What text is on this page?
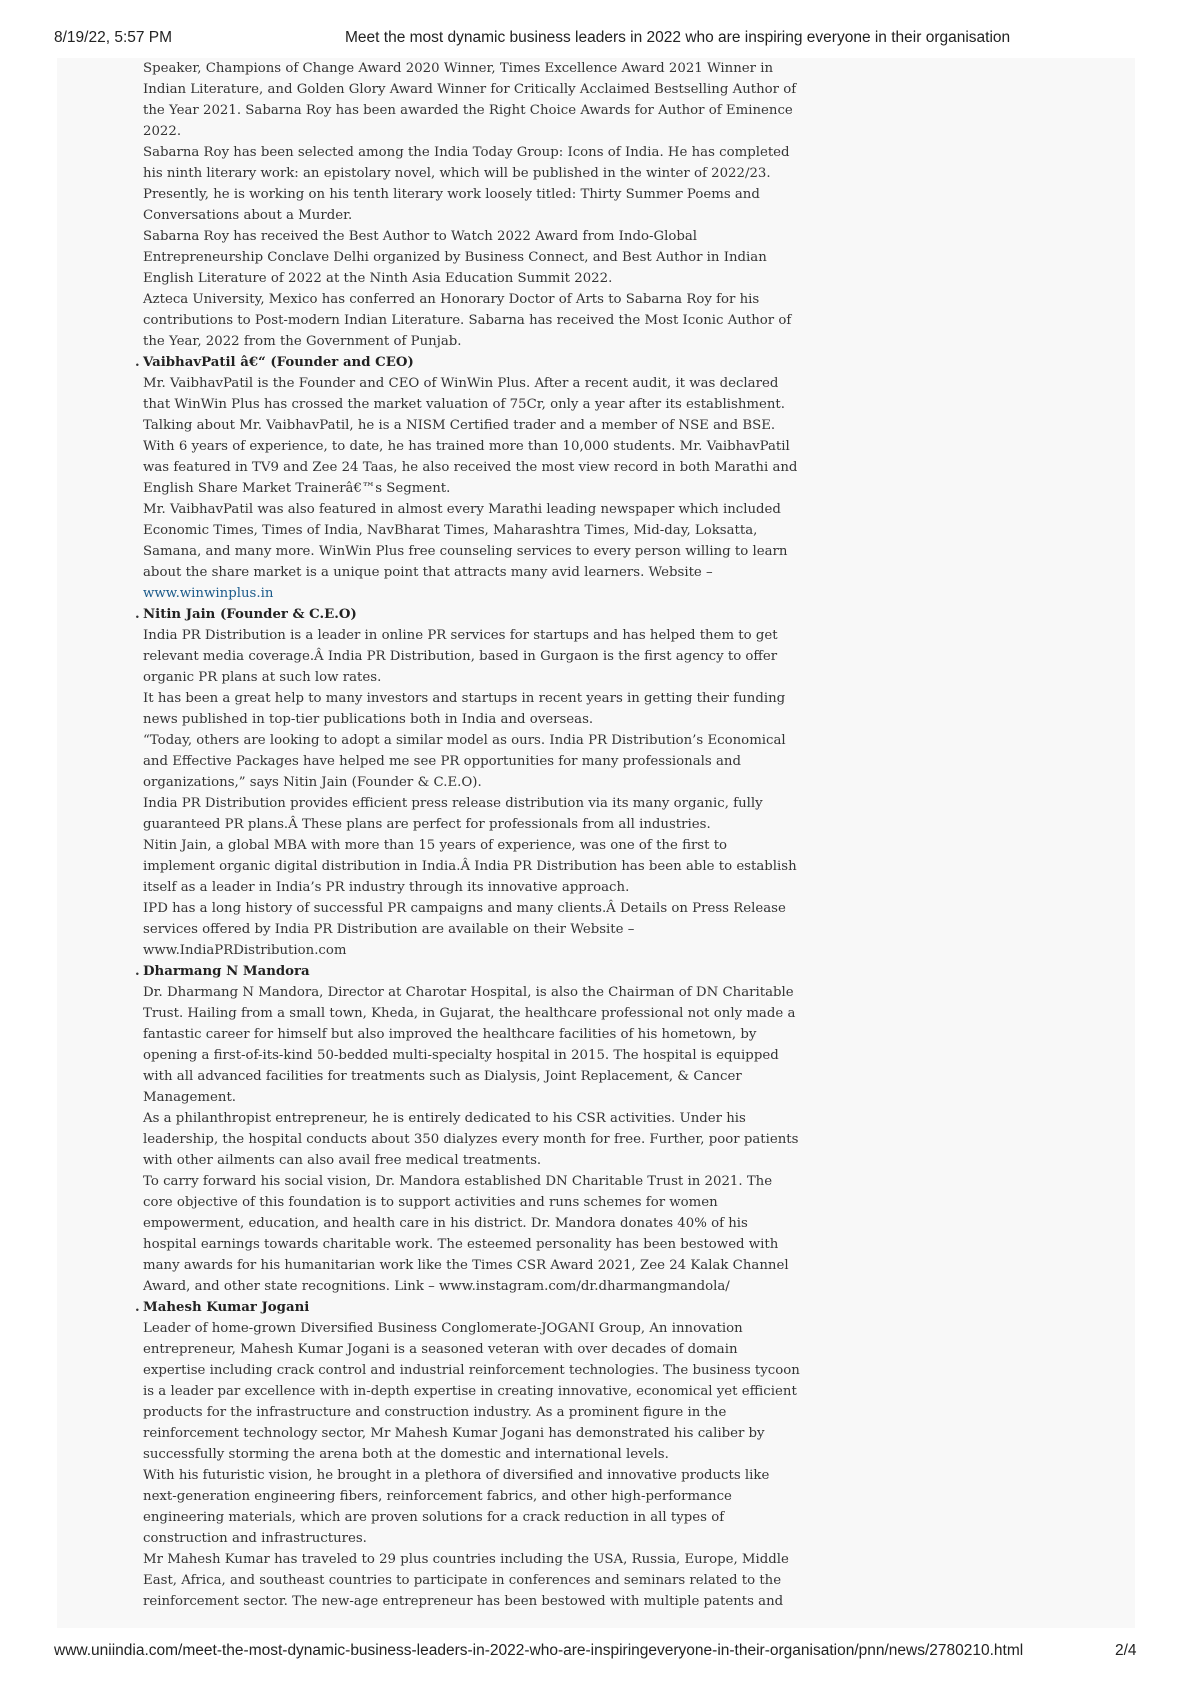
8/19/22, 5:57 PM	Meet the most dynamic business leaders in 2022 who are inspiring everyone in their organisation

Speaker, Champions of Change Award 2020 Winner, Times Excellence Award 2021 Winner in Indian Literature, and Golden Glory Award Winner for Critically Acclaimed Bestselling Author of the Year 2021. Sabarna Roy has been awarded the Right Choice Awards for Author of Eminence 2022.

Sabarna Roy has been selected among the India Today Group: Icons of India. He has completed his ninth literary work: an epistolary novel, which will be published in the winter of 2022/23. Presently, he is working on his tenth literary work loosely titled: Thirty Summer Poems and Conversations about a Murder.

Sabarna Roy has received the Best Author to Watch 2022 Award from Indo-Global Entrepreneurship Conclave Delhi organized by Business Connect, and Best Author in Indian English Literature of 2022 at the Ninth Asia Education Summit 2022.

Azteca University, Mexico has conferred an Honorary Doctor of Arts to Sabarna Roy for his contributions to Post-modern Indian Literature. Sabarna has received the Most Iconic Author of the Year, 2022 from the Government of Punjab.

. VaibhavPatil â€“ (Founder and CEO)

Mr. VaibhavPatil is the Founder and CEO of WinWin Plus. After a recent audit, it was declared that WinWin Plus has crossed the market valuation of 75Cr, only a year after its establishment. Talking about Mr. VaibhavPatil, he is a NISM Certified trader and a member of NSE and BSE. With 6 years of experience, to date, he has trained more than 10,000 students. Mr. VaibhavPatil was featured in TV9 and Zee 24 Taas, he also received the most view record in both Marathi and English Share Market Trainerâ€™s Segment.

Mr. VaibhavPatil was also featured in almost every Marathi leading newspaper which included Economic Times, Times of India, NavBharat Times, Maharashtra Times, Mid-day, Loksatta, Samana, and many more. WinWin Plus free counseling services to every person willing to learn about the share market is a unique point that attracts many avid learners. Website –

www.winwinplus.in

. Nitin Jain (Founder & C.E.O)

India PR Distribution is a leader in online PR services for startups and has helped them to get relevant media coverage.Â India PR Distribution, based in Gurgaon is the first agency to offer organic PR plans at such low rates.

It has been a great help to many investors and startups in recent years in getting their funding news published in top-tier publications both in India and overseas.

“Today, others are looking to adopt a similar model as ours. India PR Distribution’s Economical and Effective Packages have helped me see PR opportunities for many professionals and organizations,” says Nitin Jain (Founder & C.E.O).

India PR Distribution provides efficient press release distribution via its many organic, fully guaranteed PR plans.Â These plans are perfect for professionals from all industries.

Nitin Jain, a global MBA with more than 15 years of experience, was one of the first to implement organic digital distribution in India.Â India PR Distribution has been able to establish itself as a leader in India’s PR industry through its innovative approach.

IPD has a long history of successful PR campaigns and many clients.Â Details on Press Release services offered by India PR Distribution are available on their Website – www.IndiaPRDistribution.com

. Dharmang N Mandora

Dr. Dharmang N Mandora, Director at Charotar Hospital, is also the Chairman of DN Charitable Trust. Hailing from a small town, Kheda, in Gujarat, the healthcare professional not only made a fantastic career for himself but also improved the healthcare facilities of his hometown, by opening a first-of-its-kind 50-bedded multi-specialty hospital in 2015. The hospital is equipped with all advanced facilities for treatments such as Dialysis, Joint Replacement, & Cancer Management.

As a philanthropist entrepreneur, he is entirely dedicated to his CSR activities. Under his leadership, the hospital conducts about 350 dialyzes every month for free. Further, poor patients with other ailments can also avail free medical treatments.

To carry forward his social vision, Dr. Mandora established DN Charitable Trust in 2021. The core objective of this foundation is to support activities and runs schemes for women empowerment, education, and health care in his district. Dr. Mandora donates 40% of his hospital earnings towards charitable work. The esteemed personality has been bestowed with many awards for his humanitarian work like the Times CSR Award 2021, Zee 24 Kalak Channel Award, and other state recognitions. Link – www.instagram.com/dr.dharmangmandola/

. Mahesh Kumar Jogani

Leader of home-grown Diversified Business Conglomerate-JOGANI Group, An innovation entrepreneur, Mahesh Kumar Jogani is a seasoned veteran with over decades of domain expertise including crack control and industrial reinforcement technologies. The business tycoon is a leader par excellence with in-depth expertise in creating innovative, economical yet efficient products for the infrastructure and construction industry. As a prominent figure in the reinforcement technology sector, Mr Mahesh Kumar Jogani has demonstrated his caliber by successfully storming the arena both at the domestic and international levels.

With his futuristic vision, he brought in a plethora of diversified and innovative products like next-generation engineering fibers, reinforcement fabrics, and other high-performance engineering materials, which are proven solutions for a crack reduction in all types of construction and infrastructures.

Mr Mahesh Kumar has traveled to 29 plus countries including the USA, Russia, Europe, Middle East, Africa, and southeast countries to participate in conferences and seminars related to the reinforcement sector. The new-age entrepreneur has been bestowed with multiple patents and

www.uniindia.com/meet-the-most-dynamic-business-leaders-in-2022-who-are-inspiringeveryone-in-their-organisation/pnn/news/2780210.html	2/4
